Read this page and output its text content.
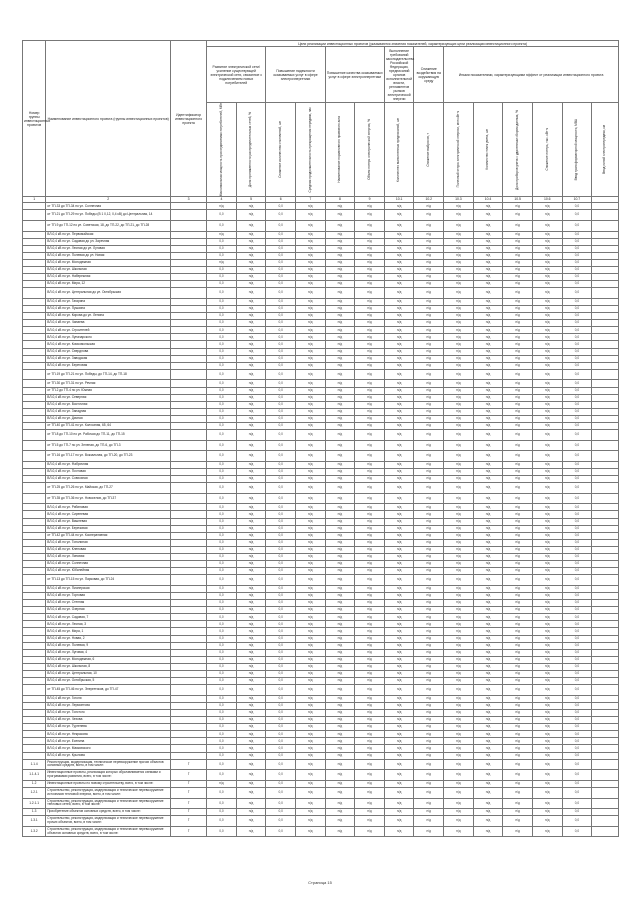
Номер группы инвестиционных проектов	Наименование инвестиционного проекта (группы инвестиционных проектов)	Идентификатор инвестиционного проекта	Цели реализации инвестиционных проектов (указываются значения показателей, характеризующих цели реализации инвестиционного проекта)													
			Развитие электрической сети/усиление существующей электрической сети, связанное с подключением новых потребителей		Повышение надежности оказываемых услуг в сфере электроэнергетики		Повышение качества оказываемых услуг в сфере электроэнергетики		Выполнение требований законодательства Российской Федерации, предписаний органов исполнительной власти, регламентов рынков электрической энергии	Снижение воздействия на окружающую среду	Иными показателями, характеризующими эффект от реализации инвестиционного проекта					

			Максимальная мощность присоединяемых потребителей, МВт	Доля протяженности распределительных сетей, %	Снижение количества отключений, шт	Средняя продолжительность прекращения передачи, час	Наименование нормативного правового акта	Объем потерь электрической энергии, %	Количество выполненных предписаний, шт	Снижение выбросов, т	Полезный отпуск электрической энергии, млн кВт·ч	Количество точек учета, шт	Доля приборов учета с удаленным сбором данных, %	Снижение потерь, тыс. кВт·ч	Ввод трансформаторной мощности, МВА	Ввод линий электропередачи, км

1	2	3	4	5	6	7	8	9	10.1	10.2	10.3	10.4	10.5	10.6	10.7	
	от ТП-33 до ТП-34 по ул. Солнечная		н/д	н/д	0,0	н/д	н/д	н/д	н/д	н/д	н/д	н/д	н/д	н/д	0,0	
	от ТП-21 до ТП-29 по ул. Победы (В 1 0,12, 0,4 кВ) до Центральная, 14		0,0	н/д	0,0	н/д	н/д	н/д	н/д	н/д	н/д	н/д	н/д	н/д	0,0	
	от ТП-9 до ТП-12 по ул. Советская, 18, до ТП-22, до ТП-21, до ТП-28		0,0	н/д	0,0	н/д	н/д	н/д	н/д	н/д	н/д	н/д	н/д	н/д	0,0	
	ВЛ-0,4 кВ по ул. Первомайская		н/д	н/д	0,0	н/д	н/д	н/д	н/д	н/д	н/д	н/д	н/д	н/д	0,0	
	ВЛ-0,4 кВ по ул. Садовая до ул. Заречная		0,0	н/д	0,0	н/д	н/д	н/д	н/д	н/д	н/д	н/д	н/д	н/д	0,0	
	ВЛ-0,4 кВ по ул. Лесная до ул. Луговая		0,0	н/д	0,0	н/д	н/д	н/д	н/д	н/д	н/д	н/д	н/д	н/д	0,0	
	ВЛ-0,4 кВ по ул. Полевая до ул. Новая		0,0	н/д	0,0	н/д	н/д	н/д	н/д	н/д	н/д	н/д	н/д	н/д	0,0	
	ВЛ-0,4 кВ по ул. Молодежная		н/д	н/д	0,0	н/д	н/д	н/д	н/д	н/д	н/д	н/д	н/д	н/д	0,0	
	ВЛ-0,4 кВ по ул. Школьная		0,0	н/д	0,0	н/д	н/д	н/д	н/д	н/д	н/д	н/д	н/д	н/д	0,0	
	ВЛ-0,4 кВ по ул. Набережная		0,0	н/д	0,0	н/д	н/д	н/д	н/д	н/д	н/д	н/д	н/д	н/д	0,0	
	ВЛ-0,4 кВ по ул. Мира, 12		0,0	н/д	0,0	н/д	н/д	н/д	н/д	н/д	н/д	н/д	н/д	н/д	0,0	
	ВЛ-0,4 кВ по ул. Центральная до ул. Октябрьская		0,0	н/д	0,0	н/д	н/д	н/д	н/д	н/д	н/д	н/д	н/д	н/д	0,0	
	ВЛ-0,4 кВ по ул. Гагарина		0,0	н/д	0,0	н/д	н/д	н/д	н/д	н/д	н/д	н/д	н/д	н/д	0,0	
	ВЛ-0,4 кВ по ул. Пушкина		0,0	н/д	0,0	н/д	н/д	н/д	н/д	н/д	н/д	н/д	н/д	н/д	0,0	
	ВЛ-0,4 кВ по ул. Кирова до ул. Ленина		0,0	н/д	0,0	н/д	н/д	н/д	н/д	н/д	н/д	н/д	н/д	н/д	0,0	
	ВЛ-0,4 кВ по ул. Чапаева		0,0	н/д	0,0	н/д	н/д	н/д	н/д	н/д	н/д	н/д	н/д	н/д	0,0	
	ВЛ-0,4 кВ по ул. Строителей		0,0	н/д	0,0	н/д	н/д	н/д	н/д	н/д	н/д	н/д	н/д	н/д	0,0	
	ВЛ-0,4 кВ по ул. Луначарского		0,0	н/д	0,0	н/д	н/д	н/д	н/д	н/д	н/д	н/д	н/д	н/д	0,0	
	ВЛ-0,4 кВ по ул. Комсомольская		0,0	н/д	0,0	н/д	н/д	н/д	н/д	н/д	н/д	н/д	н/д	н/д	0,0	
	ВЛ-0,4 кВ по ул. Свердлова		0,0	н/д	0,0	н/д	н/д	н/д	н/д	н/д	н/д	н/д	н/д	н/д	0,0	
	ВЛ-0,4 кВ по ул. Заводская		0,0	н/д	0,0	н/д	н/д	н/д	н/д	н/д	н/д	н/д	н/д	н/д	0,0	
	ВЛ-0,4 кВ по ул. Береговая		0,0	н/д	0,0	н/д	н/д	н/д	н/д	н/д	н/д	н/д	н/д	н/д	0,0	
	от ТП-19 до ТП-21 по ул. Победы, до ТП-14, до ТП-18		0,0	н/д	0,0	н/д	н/д	н/д	н/д	н/д	н/д	н/д	н/д	н/д	0,0	
	от ТП-30 до ТП-31 по ул. Речная		0,0	н/д	0,0	н/д	н/д	н/д	н/д	н/д	н/д	н/д	н/д	н/д	0,0	
	от ТП-2 до ТП-4 по ул. Южная		0,0	н/д	0,0	н/д	н/д	н/д	н/д	н/д	н/д	н/д	н/д	н/д	0,0	
	ВЛ-0,4 кВ по ул. Северная		0,0	н/д	0,0	н/д	н/д	н/д	н/д	н/д	н/д	н/д	н/д	н/д	0,0	
	ВЛ-0,4 кВ по ул. Восточная		0,0	н/д	0,0	н/д	н/д	н/д	н/д	н/д	н/д	н/д	н/д	н/д	0,0	
	ВЛ-0,4 кВ по ул. Западная		0,0	н/д	0,0	н/д	н/д	н/д	н/д	н/д	н/д	н/д	н/д	н/д	0,0	
	ВЛ-0,4 кВ по ул. Дачная		0,0	н/д	0,0	н/д	н/д	н/д	н/д	н/д	н/д	н/д	н/д	н/д	0,0	
	от ТП-40 до ТП-41 по ул. Колхозная, 65, 64		0,0	н/д	0,0	н/д	н/д	н/д	н/д	н/д	н/д	н/д	н/д	н/д	0,0	
	от ТП-8 до ТП-10 по ул. Рабочая до ТП-11, до ТП-15		0,0	н/д	0,0	н/д	н/д	н/д	н/д	н/д	н/д	н/д	н/д	н/д	0,0	
	от ТП-5 до ТП-7 по ул. Зеленая, до ТП-6, до ТП-3		0,0	н/д	0,0	н/д	н/д	н/д	н/д	н/д	н/д	н/д	н/д	н/д	0,0	
	от ТП-16 до ТП-17 по ул. Вокзальная, до ТП-20, до ТП-23		0,0	н/д	0,0	н/д	н/д	н/д	н/д	н/д	н/д	н/д	н/д	н/д	0,0	
	ВЛ-0,4 кВ по ул. Фабричная		0,0	н/д	0,0	н/д	н/д	н/д	н/д	н/д	н/д	н/д	н/д	н/д	0,0	
	ВЛ-0,4 кВ по ул. Почтовая		0,0	н/д	0,0	н/д	н/д	н/д	н/д	н/д	н/д	н/д	н/д	н/д	0,0	
	ВЛ-0,4 кВ по ул. Совхозная		0,0	н/д	0,0	н/д	н/д	н/д	н/д	н/д	н/д	н/д	н/д	н/д	0,0	
	от ТП-25 до ТП-26 по ул. Майская, до ТП-27		0,0	н/д	0,0	н/д	н/д	н/д	н/д	н/д	н/д	н/д	н/д	н/д	0,0	
	от ТП-35 до ТП-36 по ул. Новоселов, до ТП-37		0,0	н/д	0,0	н/д	н/д	н/д	н/д	н/д	н/д	н/д	н/д	н/д	0,0	
	ВЛ-0,4 кВ по ул. Рябиновая		0,0	н/д	0,0	н/д	н/д	н/д	н/д	н/д	н/д	н/д	н/д	н/д	0,0	
	ВЛ-0,4 кВ по ул. Сиреневая		0,0	н/д	0,0	н/д	н/д	н/д	н/д	н/д	н/д	н/д	н/д	н/д	0,0	
	ВЛ-0,4 кВ по ул. Вишневая		0,0	н/д	0,0	н/д	н/д	н/д	н/д	н/д	н/д	н/д	н/д	н/д	0,0	
	ВЛ-0,4 кВ по ул. Березовая		0,0	н/д	0,0	н/д	н/д	н/д	н/д	н/д	н/д	н/д	н/д	н/д	0,0	
	от ТП-42 до ТП-44 по ул. Кооперативная		0,0	н/д	0,0	н/д	н/д	н/д	н/д	н/д	н/д	н/д	н/д	н/д	0,0	
	ВЛ-0,4 кВ по ул. Тополиная		0,0	н/д	0,0	н/д	н/д	н/д	н/д	н/д	н/д	н/д	н/д	н/д	0,0	
	ВЛ-0,4 кВ по ул. Кленовая		0,0	н/д	0,0	н/д	н/д	н/д	н/д	н/д	н/д	н/д	н/д	н/д	0,0	
	ВЛ-0,4 кВ по ул. Липовая		0,0	н/д	0,0	н/д	н/д	н/д	н/д	н/д	н/д	н/д	н/д	н/д	0,0	
	ВЛ-0,4 кВ по ул. Солнечная		0,0	н/д	0,0	н/д	н/д	н/д	н/д	н/д	н/д	н/д	н/д	н/д	0,0	
	ВЛ-0,4 кВ по ул. Юбилейная		0,0	н/д	0,0	н/д	н/д	н/д	н/д	н/д	н/д	н/д	н/д	н/д	0,0	
	от ТП-13 до ТП-15 по ул. Парковая, до ТП-24		0,0	н/д	0,0	н/д	н/д	н/д	н/д	н/д	н/д	н/д	н/д	н/д	0,0	
	ВЛ-0,4 кВ по ул. Пионерская		0,0	н/д	0,0	н/д	н/д	н/д	н/д	н/д	н/д	н/д	н/д	н/д	0,0	
	ВЛ-0,4 кВ по ул. Торговая		0,0	н/д	0,0	н/д	н/д	н/д	н/д	н/д	н/д	н/д	н/д	н/д	0,0	
	ВЛ-0,4 кВ по ул. Степная		0,0	н/д	0,0	н/д	н/д	н/д	н/д	н/д	н/д	н/д	н/д	н/д	0,0	
	ВЛ-0,4 кВ по ул. Озерная		0,0	н/д	0,0	н/д	н/д	н/д	н/д	н/д	н/д	н/д	н/д	н/д	0,0	
	ВЛ-0,4 кВ по ул. Садовая, 7		0,0	н/д	0,0	н/д	н/д	н/д	н/д	н/д	н/д	н/д	н/д	н/д	0,0	
	ВЛ-0,4 кВ по ул. Лесная, 3		0,0	н/д	0,0	н/д	н/д	н/д	н/д	н/д	н/д	н/д	н/д	н/д	0,0	
	ВЛ-0,4 кВ по ул. Мира, 1		0,0	н/д	0,0	н/д	н/д	н/д	н/д	н/д	н/д	н/д	н/д	н/д	0,0	
	ВЛ-0,4 кВ по ул. Новая, 2		0,0	н/д	0,0	н/д	н/д	н/д	н/д	н/д	н/д	н/д	н/д	н/д	0,0	
	ВЛ-0,4 кВ по ул. Полевая, 9		0,0	н/д	0,0	н/д	н/д	н/д	н/д	н/д	н/д	н/д	н/д	н/д	0,0	
	ВЛ-0,4 кВ по ул. Луговая, 4		0,0	н/д	0,0	н/д	н/д	н/д	н/д	н/д	н/д	н/д	н/д	н/д	0,0	
	ВЛ-0,4 кВ по ул. Молодежная, 6		0,0	н/д	0,0	н/д	н/д	н/д	н/д	н/д	н/д	н/д	н/д	н/д	0,0	
	ВЛ-0,4 кВ по ул. Школьная, 8		0,0	н/д	0,0	н/д	н/д	н/д	н/д	н/д	н/д	н/д	н/д	н/д	0,0	
	ВЛ-0,4 кВ по ул. Центральная, 10		0,0	н/д	0,0	н/д	н/д	н/д	н/д	н/д	н/д	н/д	н/д	н/д	0,0	
	ВЛ-0,4 кВ по ул. Октябрьская, 5		0,0	н/д	0,0	н/д	н/д	н/д	н/д	н/д	н/д	н/д	н/д	н/д	0,0	
	от ТП-45 до ТП-46 по ул. Энергетиков, до ТП-47		0,0	н/д	0,0	н/д	н/д	н/д	н/д	н/д	н/д	н/д	н/д	н/д	0,0	
	ВЛ-0,4 кВ по ул. Гоголя		0,0	н/д	0,0	н/д	н/д	н/д	н/д	н/д	н/д	н/д	н/д	н/д	0,0	
	ВЛ-0,4 кВ по ул. Лермонтова		0,0	н/д	0,0	н/д	н/д	н/д	н/д	н/д	н/д	н/д	н/д	н/д	0,0	
	ВЛ-0,4 кВ по ул. Толстого		0,0	н/д	0,0	н/д	н/д	н/д	н/д	н/д	н/д	н/д	н/д	н/д	0,0	
	ВЛ-0,4 кВ по ул. Чехова		0,0	н/д	0,0	н/д	н/д	н/д	н/д	н/д	н/д	н/д	н/д	н/д	0,0	
	ВЛ-0,4 кВ по ул. Тургенева		0,0	н/д	0,0	н/д	н/д	н/д	н/д	н/д	н/д	н/д	н/д	н/д	0,0	
	ВЛ-0,4 кВ по ул. Некрасова		0,0	н/д	0,0	н/д	н/д	н/д	н/д	н/д	н/д	н/д	н/д	н/д	0,0	
	ВЛ-0,4 кВ по ул. Есенина		0,0	н/д	0,0	н/д	н/д	н/д	н/д	н/д	н/д	н/д	н/д	н/д	0,0	
	ВЛ-0,4 кВ по ул. Маяковского		0,0	н/д	0,0	н/д	н/д	н/д	н/д	н/д	н/д	н/д	н/д	н/д	0,0	
	ВЛ-0,4 кВ по ул. Крылова		0,0	н/д	0,0	н/д	н/д	н/д	н/д	н/д	н/д	н/д	н/д	н/д	0,0	
1.1.4	Реконструкция, модернизация, техническое перевооружение прочих объектов основных средств, всего, в том числе:	Г	0,0	н/д	0,0	н/д	н/д	н/д	н/д	н/д	н/д	н/д	н/д	н/д	0,0	
1.1.4.1	Инвестиционные проекты, реализация которых обуславливается схемами и программами развития, всего, в том числе:	Г	0,0	н/д	0,0	н/д	н/д	н/д	н/д	н/д	н/д	н/д	н/д	н/д	0,0	
1.2	Инвестиционные проекты по новому строительству, всего, в том числе:	Г	н/д	н/д	0,0	н/д	н/д	н/д	н/д	н/д	н/д	н/д	н/д	н/д	0,0	
1.2.1	Строительство, реконструкция, модернизация и техническое перевооружение источников тепловой энергии, всего, в том числе:	Г	0,0	н/д	0,0	н/д	н/д	н/д	н/д	н/д	н/д	н/д	н/д	н/д	0,0	
1.2.1.1	Строительство, реконструкция, модернизация и техническое перевооружение тепловых сетей, всего, в том числе:	Г	0,0	н/д	0,0	н/д	н/д	н/д	н/д	н/д	н/д	н/д	н/д	н/д	0,0	
1.3	Приобретение объектов основных средств, всего, в том числе:	Г	0,0	н/д	0,0	н/д	н/д	н/д	н/д	н/д	н/д	н/д	н/д	н/д	0,0	
1.3.1	Строительство, реконструкция, модернизация и техническое перевооружение прочих объектов, всего, в том числе:	Г	0,0	н/д	0,0	н/д	н/д	н/д	н/д	н/д	н/д	н/д	н/д	н/д	0,0	
1.3.2	Строительство, реконструкция, модернизация и техническое перевооружение объектов основных средств, всего, в том числе:	Г	0,0	н/д	0,0	н/д	н/д	н/д	н/д	н/д	н/д	н/д	н/д	н/д	0,0	
Страница 15
